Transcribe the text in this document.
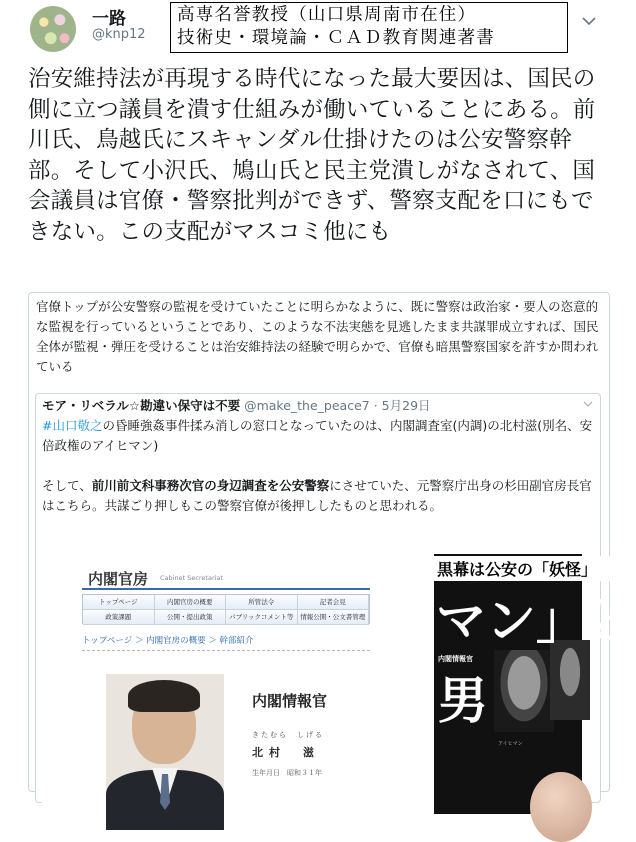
一路
@knp12
高専名誉教授（山口県周南市在住）
技術史・環境論・ＣＡＤ教育関連著書
治安維持法が再現する時代になった最大要因は、国民の側に立つ議員を潰す仕組みが働いていることにある。前川氏、鳥越氏にスキャンダル仕掛けたのは公安警察幹部。そして小沢氏、鳩山氏と民主党潰しがなされて、国会議員は官僚・警察批判ができず、警察支配を口にもできない。この支配がマスコミ他にも
官僚トップが公安警察の監視を受けていたことに明らかなように、既に警察は政治家・要人の恣意的な監視を行っているということであり、このような不法実態を見逃したまま共謀罪成立すれば、国民全体が監視・弾圧を受けることは治安維持法の経験で明らかで、官僚も暗黒警察国家を許すか問われている
モア・リベラル☆勘違い保守は不要 @make_the_peace7 · 5月29日

#山口敬之の昏睡強姦事件揉み消しの窓口となっていたのは、内閣調査室(内調)の北村滋(別名、安倍政権のアイヒマン)

そして、前川前文科事務次官の身辺調査を公安警察にさせていた、元警察庁出身の杉田副官房長官はこちら。共謀ごり押しもこの警察官僚が後押ししたものと思われる。

内閣官房 Cabinet Secretariat
トップページ	内閣官房の概要	所管法令	記者会見
政策課題	公開・提出政策	パブリックコメント等	情報公開・公文書管理
トップページ ＞ 内閣官房の概要 ＞ 幹部紹介
内閣情報官
きたむら　しげる
北村　滋
生年月日　昭和３１年
黒幕は公安の「妖怪」
マン」と
内閣情報官
男
アイヒマン
